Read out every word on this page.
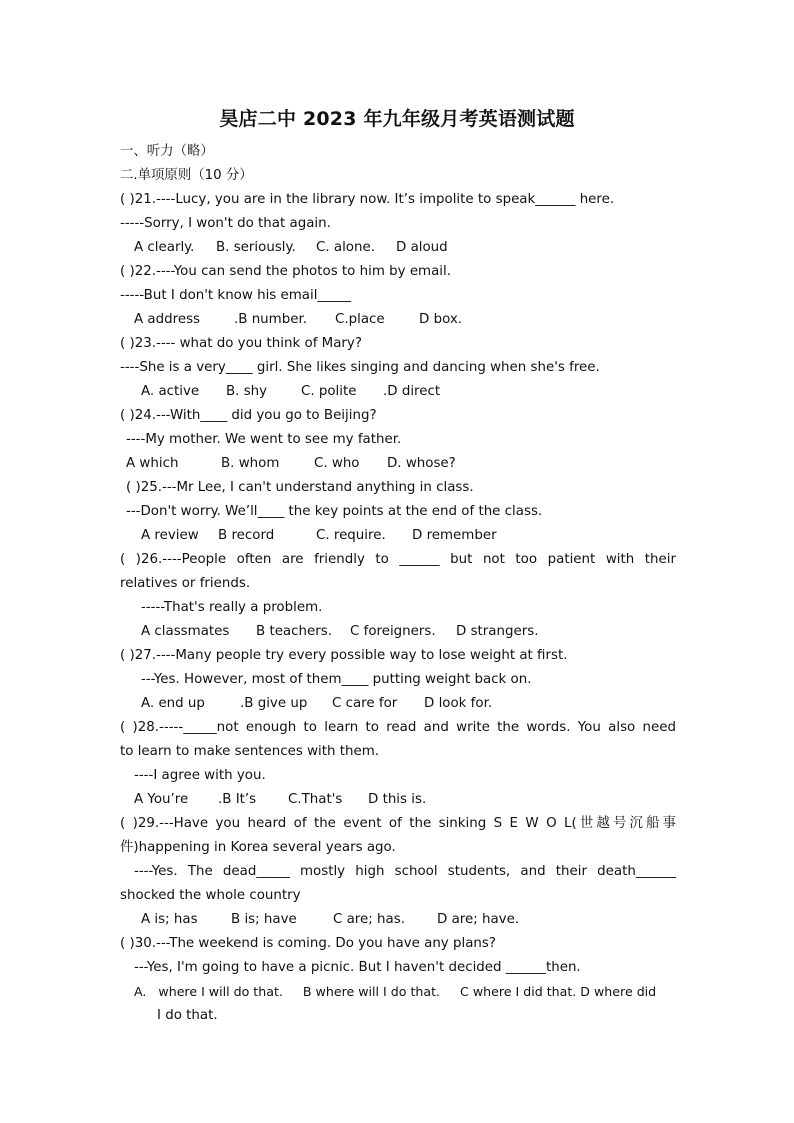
昊店二中 2023 年九年级月考英语测试题
一、听力（略）
二.单项原则（10 分）
( )21.----Lucy, you are in the library now. It’s impolite to speak______ here.
-----Sorry, I won't do that again.
A clearly. B. seriously. C. alone. D aloud
( )22.----You can send the photos to him by email.
-----But I don't know his email_____
A address	.B number. C.place	D box.
( )23.---- what do you think of Mary?
----She is a very____ girl. She likes singing and dancing when she's free.
A. active B. shy	C. polite .D direct
( )24.---With____ did you go to Beijing?
----My mother. We went to see my father.
A which	B. whom	C. who D. whose?
( )25.---Mr Lee, I can't understand anything in class.
---Don't worry. We’ll____ the key points at the end of the class.
A review B record	C. require. D remember
( )26.----People often are friendly to ______ but not too patient with their
relatives or friends.
-----That's really a problem.
A classmates B teachers. C foreigners. D strangers.
( )27.----Many people try every possible way to lose weight at first.
---Yes. However, most of them____ putting weight back on.
A. end up	.B give up C care for D look for.
( )28.-----_____not enough to learn to read and write the words. You also need
to learn to make sentences with them.
----I agree with you.
A You’re .B It’s C.That's D this is.
( )29.---Have you heard of the event of the sinking S E W O L(世越号沉船事
件)happening in Korea several years ago.
----Yes. The dead_____ mostly high school students, and their death______
shocked the whole country
A is; has B is; have	C are; has. D are; have.
( )30.---The weekend is coming. Do you have any plans?
---Yes, I'm going to have a picnic. But I haven't decided ______then.
A.   where I will do that.     B where will I do that.     C where I did that. D where did
I do that.
